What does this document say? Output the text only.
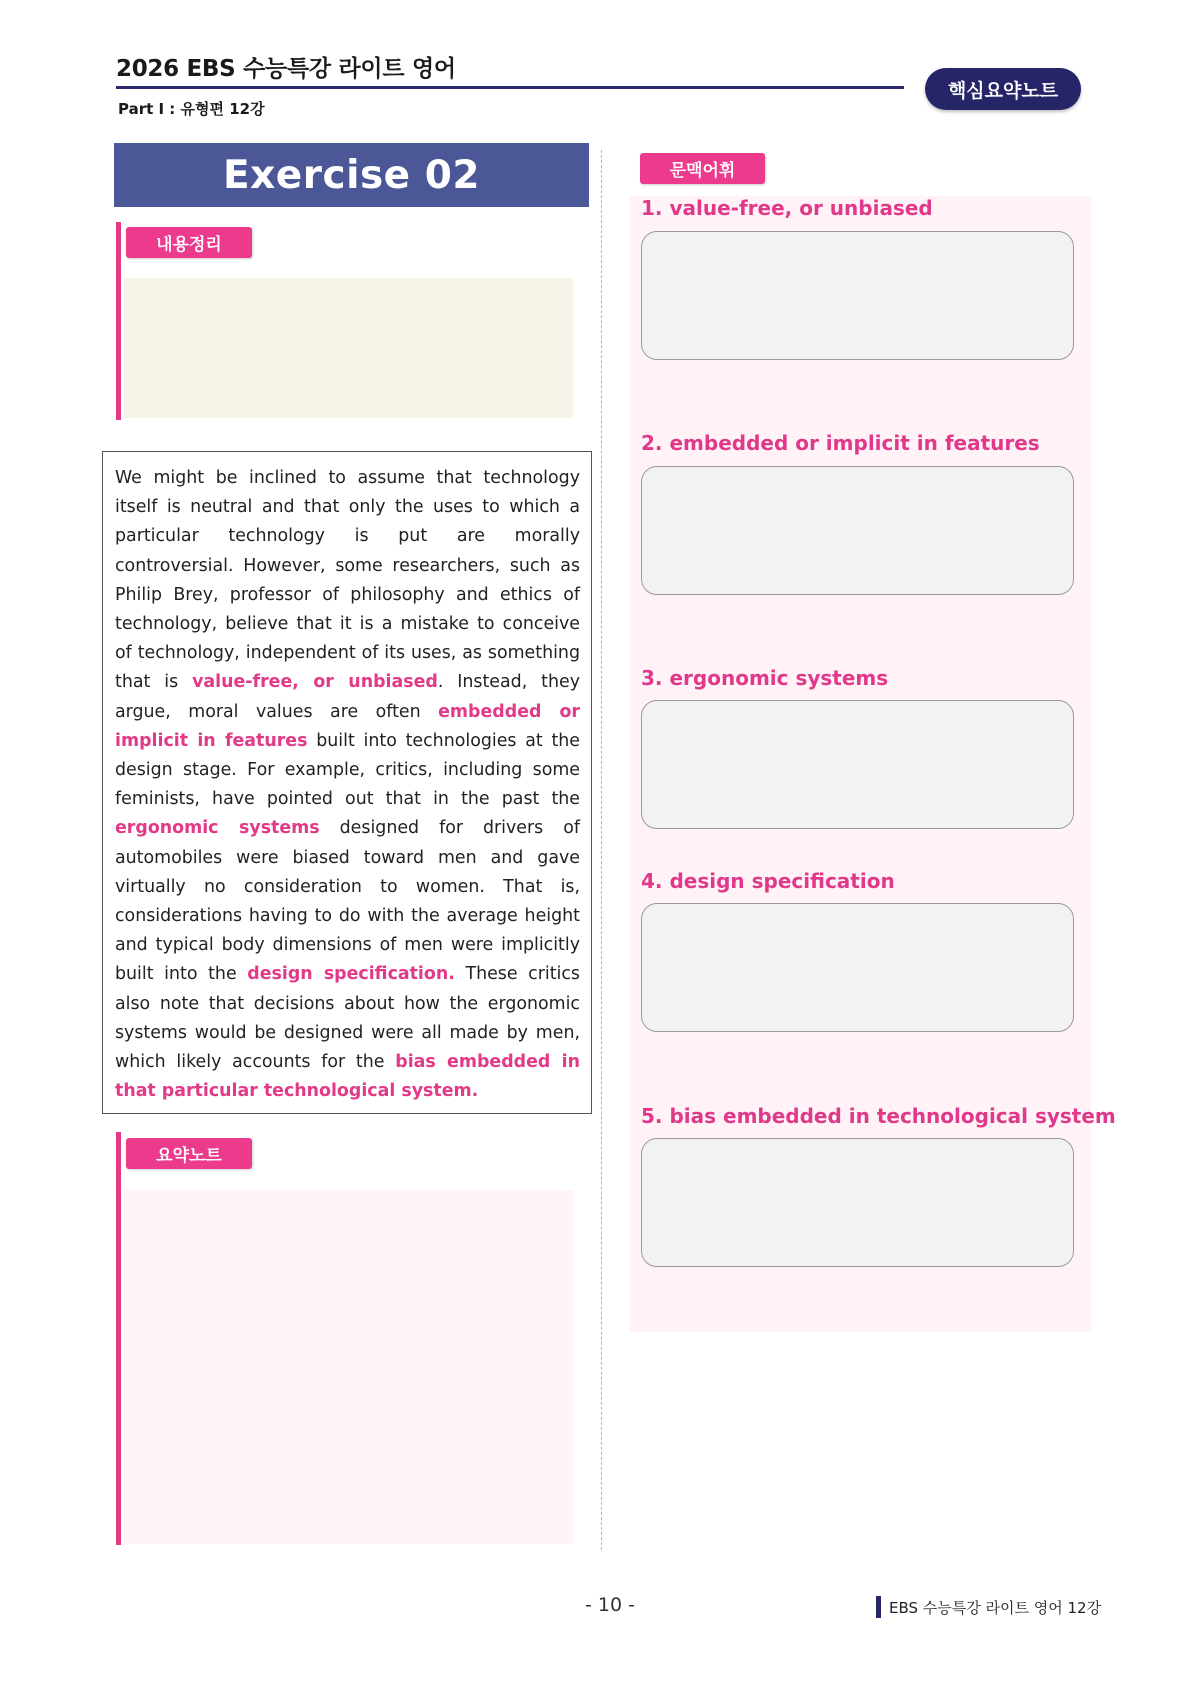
2026 EBS 수능특강 라이트 영어
Part Ⅰ : 유형편 12강
핵심요약노트
Exercise 02
내용정리

We might be inclined to assume that technology itself is neutral and that only the uses to which a particular technology is put are morally controversial. However, some researchers, such as Philip Brey, professor of philosophy and ethics of technology, believe that it is a mistake to conceive of technology, independent of its uses, as something that is value-free, or unbiased. Instead, they argue, moral values are often embedded or implicit in features built into technologies at the design stage. For example, critics, including some feminists, have pointed out that in the past the ergonomic systems designed for drivers of automobiles were biased toward men and gave virtually no consideration to women. That is, considerations having to do with the average height and typical body dimensions of men were implicitly built into the design specification. These critics also note that decisions about how the ergonomic systems would be designed were all made by men, which likely accounts for the bias embedded in that particular technological system.

요약노트
문맥어휘
1. value-free, or unbiased
2. embedded or implicit in features
3. ergonomic systems
4. design specification
5. bias embedded in technological system
- 10 -	EBS 수능특강 라이트 영어 12강
